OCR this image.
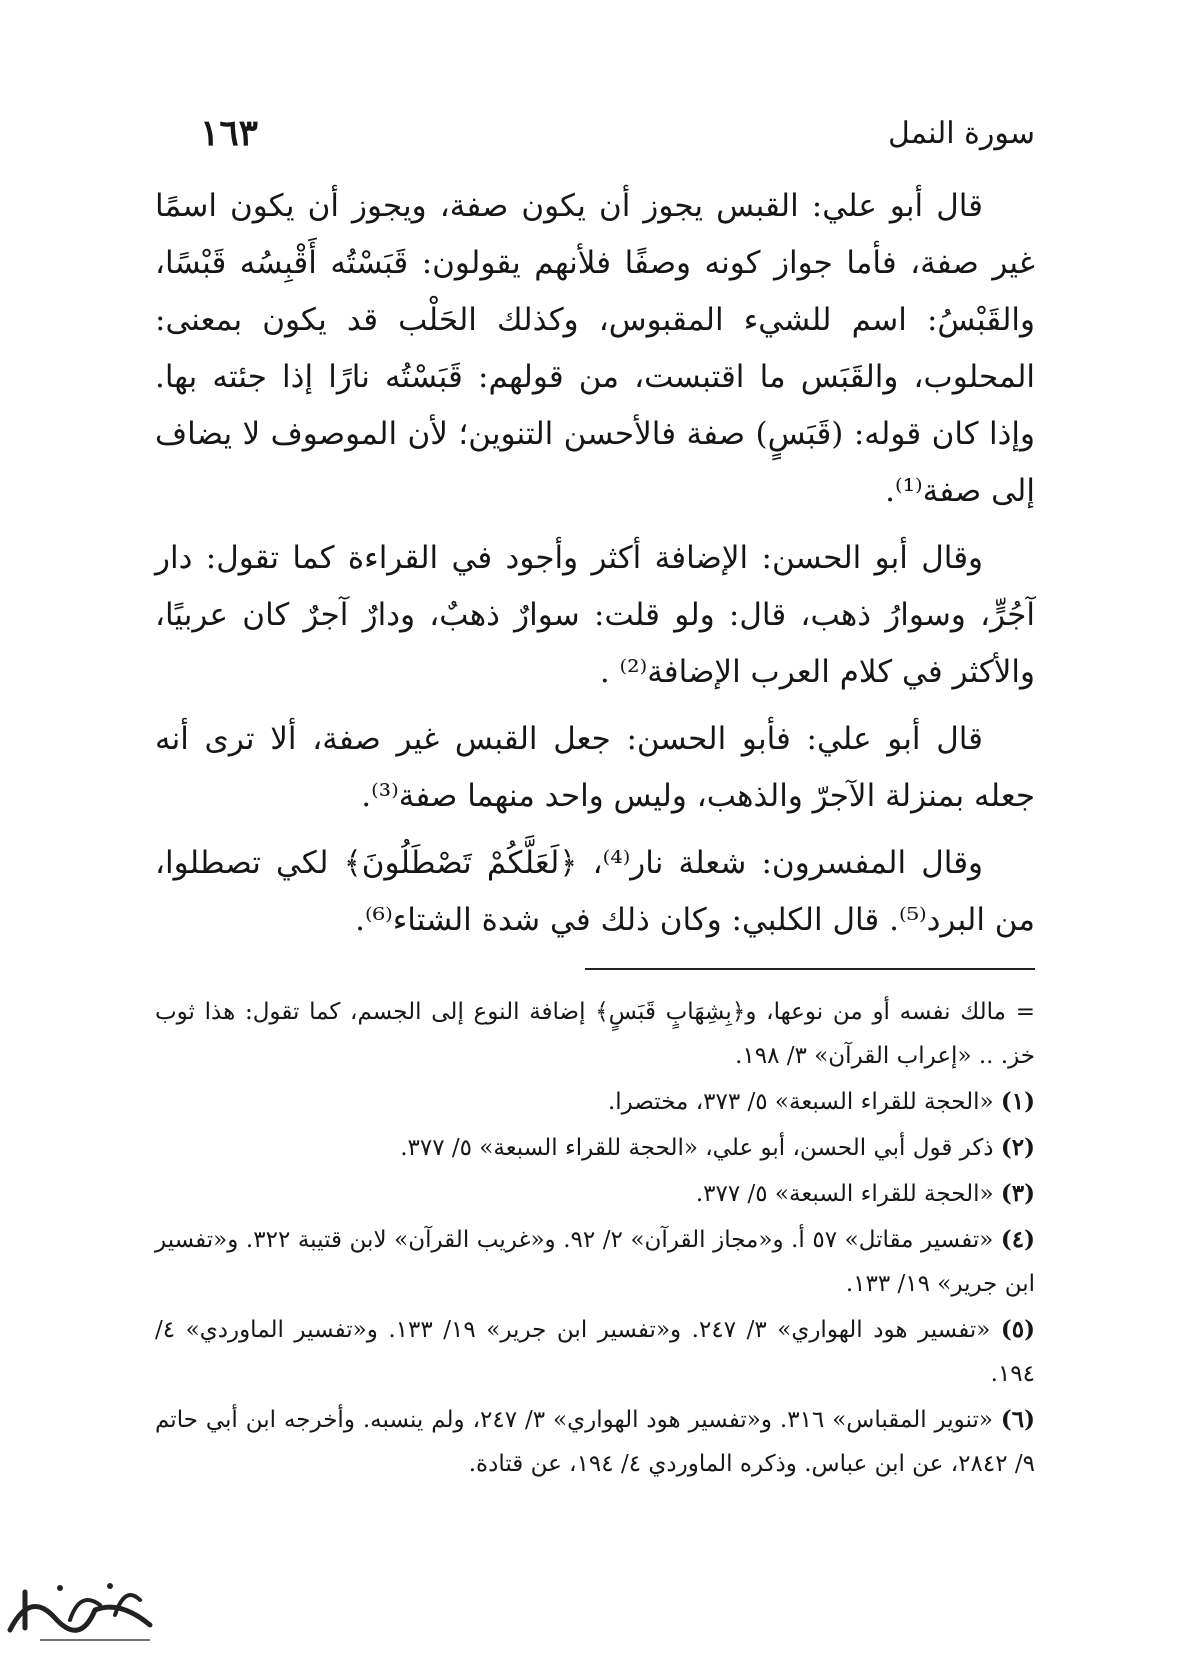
سورة النمل
١٦٣

قال أبو علي: القبس يجوز أن يكون صفة، ويجوز أن يكون اسمًا غير صفة، فأما جواز كونه وصفًا فلأنهم يقولون: قَبَسْتُه أَقْبِسُه قَبْسًا، والقَبْسُ: اسم للشيء المقبوس، وكذلك الحَلْب قد يكون بمعنى: المحلوب، والقَبَس ما اقتبست، من قولهم: قَبَسْتُه نارًا إذا جئته بها. وإذا كان قوله: (قَبَسٍ) صفة فالأحسن التنوين؛ لأن الموصوف لا يضاف إلى صفة⁽¹⁾.

وقال أبو الحسن: الإضافة أكثر وأجود في القراءة كما تقول: دار آجُرٍّ، وسوارُ ذهب، قال: ولو قلت: سوارٌ ذهبٌ، ودارٌ آجرٌ كان عربيًا، والأكثر في كلام العرب الإضافة⁽²⁾ .

قال أبو علي: فأبو الحسن: جعل القبس غير صفة، ألا ترى أنه جعله بمنزلة الآجرّ والذهب، وليس واحد منهما صفة⁽³⁾.

وقال المفسرون: شعلة نار⁽⁴⁾، ﴿لَعَلَّكُمْ تَصْطَلُونَ﴾ لكي تصطلوا، من البرد⁽⁵⁾. قال الكلبي: وكان ذلك في شدة الشتاء⁽⁶⁾.

= مالك نفسه أو من نوعها، و﴿بِشِهَابٍ قَبَسٍ﴾ إضافة النوع إلى الجسم، كما تقول: هذا ثوب خز. .. «إعراب القرآن» ٣/ ١٩٨.

(١) «الحجة للقراء السبعة» ٥/ ٣٧٣، مختصرا.

(٢) ذكر قول أبي الحسن، أبو علي، «الحجة للقراء السبعة» ٥/ ٣٧٧.

(٣) «الحجة للقراء السبعة» ٥/ ٣٧٧.

(٤) «تفسير مقاتل» ٥٧ أ. و«مجاز القرآن» ٢/ ٩٢. و«غريب القرآن» لابن قتيبة ٣٢٢. و«تفسير ابن جرير» ١٩/ ١٣٣.

(٥) «تفسير هود الهواري» ٣/ ٢٤٧. و«تفسير ابن جرير» ١٩/ ١٣٣. و«تفسير الماوردي» ٤/ ١٩٤.

(٦) «تنوير المقباس» ٣١٦. و«تفسير هود الهواري» ٣/ ٢٤٧، ولم ينسبه. وأخرجه ابن أبي حاتم ٩/ ٢٨٤٢، عن ابن عباس. وذكره الماوردي ٤/ ١٩٤، عن قتادة.
